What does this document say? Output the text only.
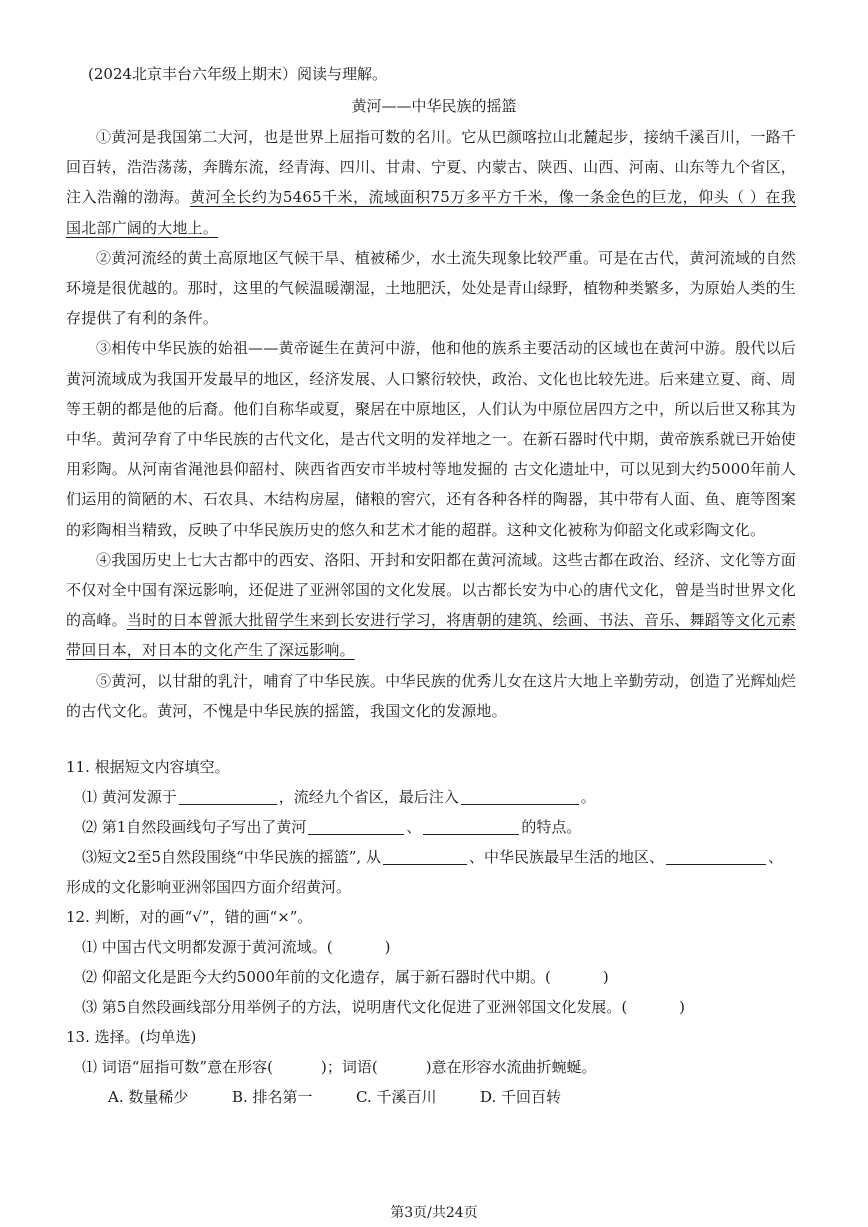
(2024北京丰台六年级上期末）阅读与理解。
黄河——中华民族的摇篮

①黄河是我国第二大河，也是世界上屈指可数的名川。它从巴颜喀拉山北麓起步，接纳千溪百川，一路千回百转，浩浩荡荡，奔腾东流，经青海、四川、甘肃、宁夏、内蒙古、陕西、山西、河南、山东等九个省区，注入浩瀚的渤海。黄河全长约为5465千米，流域面积75万多平方千米，像一条金色的巨龙，仰头（ ）在我国北部广阔的大地上。

②黄河流经的黄土高原地区气候干旱、植被稀少，水土流失现象比较严重。可是在古代，黄河流域的自然环境是很优越的。那时，这里的气候温暖潮湿，土地肥沃，处处是青山绿野，植物种类繁多，为原始人类的生存提供了有利的条件。

③相传中华民族的始祖——黄帝诞生在黄河中游，他和他的族系主要活动的区域也在黄河中游。殷代以后黄河流域成为我国开发最早的地区，经济发展、人口繁衍较快，政治、文化也比较先进。后来建立夏、商、周等王朝的都是他的后裔。他们自称华或夏，聚居在中原地区，人们认为中原位居四方之中，所以后世又称其为中华。黄河孕育了中华民族的古代文化，是古代文明的发祥地之一。在新石器时代中期，黄帝族系就已开始使用彩陶。从河南省渑池县仰韶村、陕西省西安市半坡村等地发掘的 古文化遗址中，可以见到大约5000年前人们运用的简陋的木、石农具、木结构房屋，储粮的窖穴，还有各种各样的陶器，其中带有人面、鱼、鹿等图案的彩陶相当精致，反映了中华民族历史的悠久和艺术才能的超群。这种文化被称为仰韶文化或彩陶文化。

④我国历史上七大古都中的西安、洛阳、开封和安阳都在黄河流域。这些古都在政治、经济、文化等方面不仅对全中国有深远影响，还促进了亚洲邻国的文化发展。以古都长安为中心的唐代文化，曾是当时世界文化的高峰。当时的日本曾派大批留学生来到长安进行学习，将唐朝的建筑、绘画、书法、音乐、舞蹈等文化元素带回日本，对日本的文化产生了深远影响。

⑤黄河，以甘甜的乳汁，哺育了中华民族。中华民族的优秀儿女在这片大地上辛勤劳动，创造了光辉灿烂的古代文化。黄河，不愧是中华民族的摇篮，我国文化的发源地。

11. 根据短文内容填空。
⑴ 黄河发源于	，流经九个省区，最后注入	。
⑵ 第1自然段画线句子写出了黄河	、	的特点。
⑶短文2至5自然段围绕“中华民族的摇篮”, 从	、中华民族最早生活的地区、	、
形成的文化影响亚洲邻国四方面介绍黄河。
12. 判断，对的画“√”，错的画“×”。
⑴ 中国古代文明都发源于黄河流域。(	)
⑵ 仰韶文化是距今大约5000年前的文化遗存，属于新石器时代中期。(	)
⑶ 第5自然段画线部分用举例子的方法，说明唐代文化促进了亚洲邻国文化发展。(	)
13. 选择。(均单选)
⑴ 词语“屈指可数”意在形容(	)；词语(	)意在形容水流曲折蜿蜒。
A. 数量稀少	B. 排名第一	C. 千溪百川	D. 千回百转
第3页/共24页
